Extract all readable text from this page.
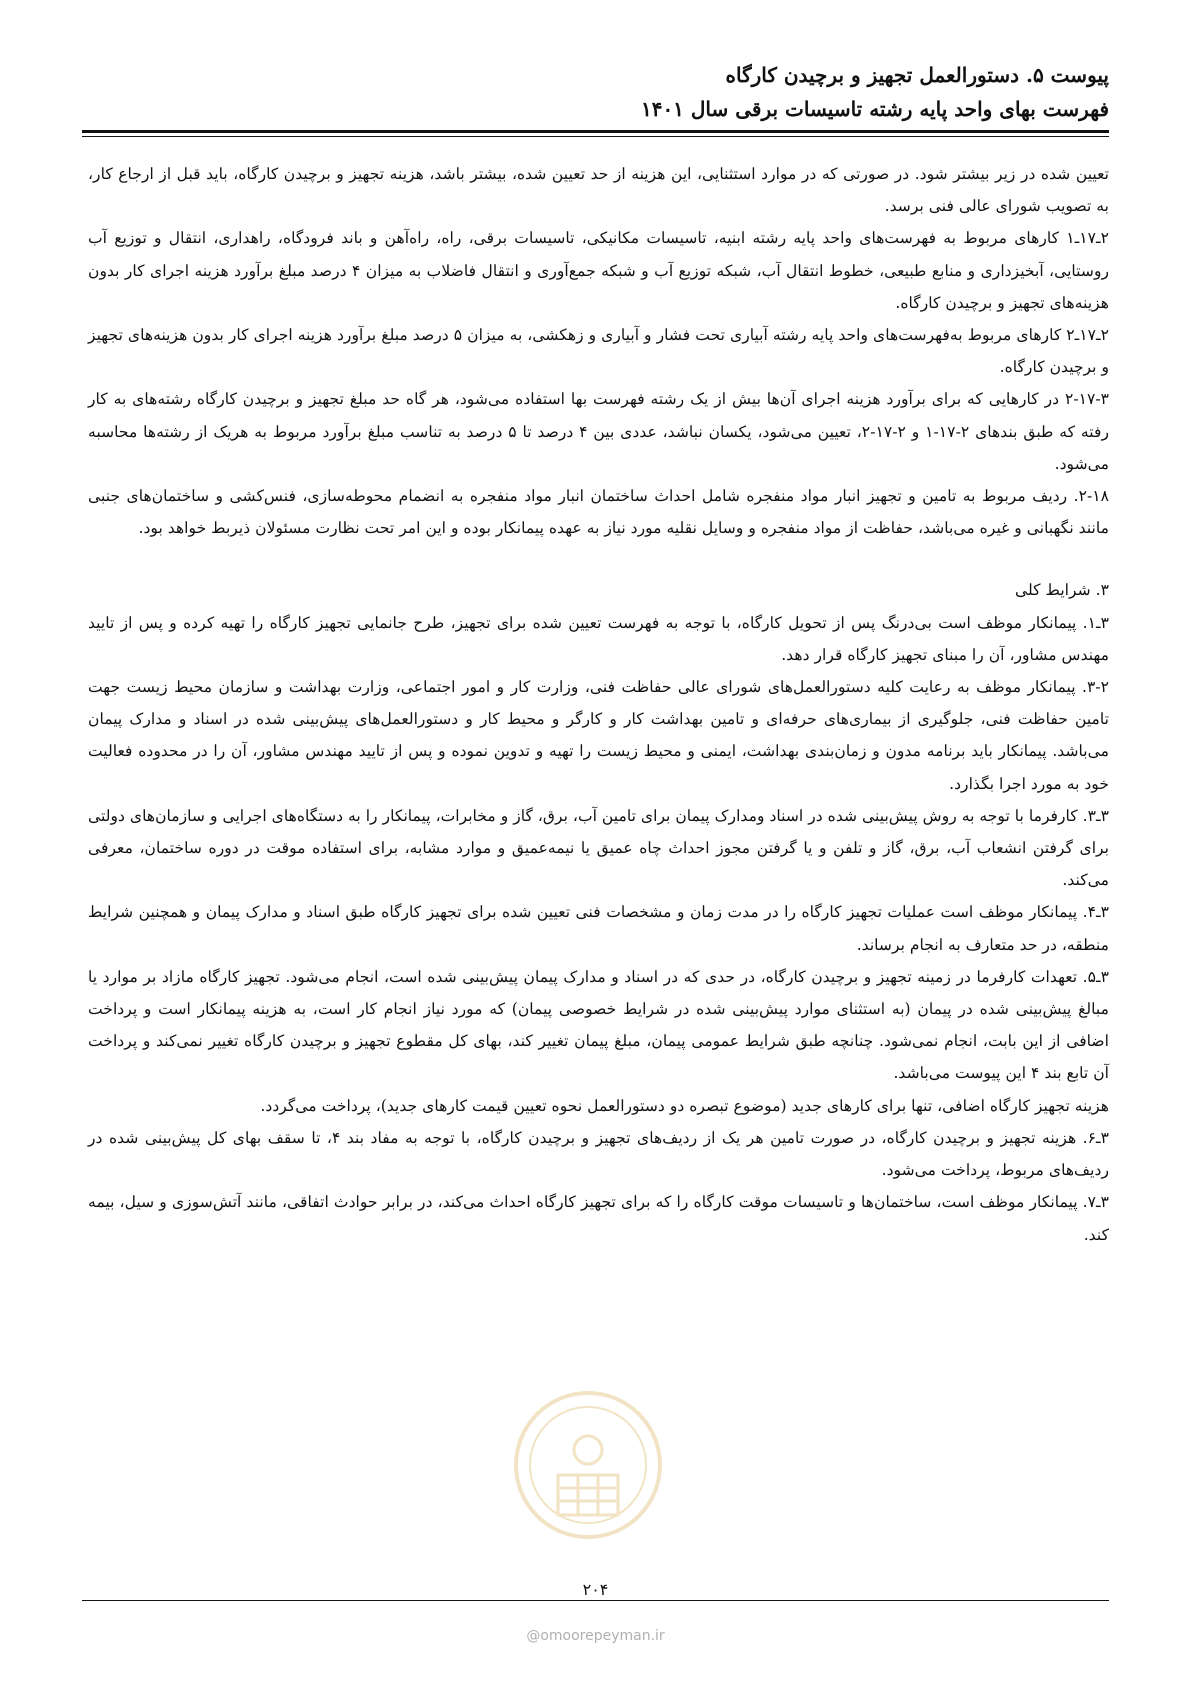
پیوست ۵. دستورالعمل تجهیز و برچیدن کارگاه
فهرست بهای واحد پایه رشته تاسیسات برقی سال ۱۴۰۱

تعیین شده در زیر بیشتر شود. در صورتی که در موارد استثنایی، این هزینه از حد تعیین شده، بیشتر باشد، هزینه تجهیز و برچیدن کارگاه، باید قبل از ارجاع کار، به تصویب شورای عالی فنی برسد.

۲ـ۱۷ـ۱ کارهای مربوط به فهرست‌های واحد پایه رشته ابنیه، تاسیسات مکانیکی، تاسیسات برقی، راه، راه‌آهن و باند فرودگاه، راهداری، انتقال و توزیع آب روستایی، آبخیزداری و منابع طبیعی، خطوط انتقال آب، شبکه توزیع آب و شبکه جمع‌آوری و انتقال فاضلاب به میزان ۴ درصد مبلغ برآورد هزینه اجرای کار بدون هزینه‌های تجهیز و برچیدن کارگاه.

۲ـ۱۷ـ۲ کارهای مربوط به‌فهرست‌های واحد پایه رشته آبیاری تحت فشار و آبیاری و زهکشی، به میزان ۵ درصد مبلغ برآورد هزینه اجرای کار بدون هزینه‌های تجهیز و برچیدن کارگاه.

۲-۱۷-۳ در کارهایی که برای برآورد هزینه اجرای آن‌ها بیش از یک رشته فهرست بها استفاده می‌شود، هر گاه حد مبلغ تجهیز و برچیدن کارگاه رشته‌های به کار رفته که طبق بندهای ۲-۱۷-۱ و ۲-۱۷-۲، تعیین می‌شود، یکسان نباشد، عددی بین ۴ درصد تا ۵ درصد به تناسب مبلغ برآورد مربوط به هریک از رشته‌ها محاسبه می‌شود.

۲-۱۸. ردیف مربوط به تامین و تجهیز انبار مواد منفجره شامل احداث ساختمان انبار مواد منفجره به انضمام محوطه‌سازی، فنس‌کشی و ساختمان‌های جنبی مانند نگهبانی و غیره می‌باشد، حفاظت از مواد منفجره و وسایل نقلیه مورد نیاز به عهده پیمانکار بوده و این امر تحت نظارت مسئولان ذیربط خواهد بود.

۳. شرایط کلی

۳ـ۱. پیمانکار موظف است بی‌درنگ پس از تحویل کارگاه، با توجه به فهرست تعیین شده برای تجهیز، طرح جانمایی تجهیز کارگاه را تهیه کرده و پس از تایید مهندس مشاور، آن را مبنای تجهیز کارگاه قرار دهد.

۳-۲. پیمانکار موظف به رعایت کلیه دستورالعمل‌های شورای عالی حفاظت فنی، وزارت کار و امور اجتماعی، وزارت بهداشت و سازمان محیط زیست جهت تامین حفاظت فنی، جلوگیری از بیماری‌های حرفه‌ای و تامین بهداشت کار و کارگر و محیط کار و دستورالعمل‌های پیش‌بینی شده در اسناد و مدارک پیمان می‌باشد. پیمانکار باید برنامه مدون و زمان‌بندی بهداشت، ایمنی و محیط زیست را تهیه و تدوین نموده و پس از تایید مهندس مشاور، آن را در محدوده فعالیت خود به مورد اجرا بگذارد.

۳ـ۳. کارفرما با توجه به روش پیش‌بینی شده در اسناد ومدارک پیمان برای تامین آب، برق، گاز و مخابرات، پیمانکار را به دستگاه‌های اجرایی و سازمان‌های دولتی برای گرفتن انشعاب آب، برق، گاز و تلفن و یا گرفتن مجوز احداث چاه عمیق یا نیمه‌عمیق و موارد مشابه، برای استفاده موقت در دوره ساختمان، معرفی می‌کند.

۳ـ۴. پیمانکار موظف است عملیات تجهیز کارگاه را در مدت زمان و مشخصات فنی تعیین شده برای تجهیز کارگاه طبق اسناد و مدارک پیمان و همچنین شرایط منطقه، در حد متعارف به انجام برساند.

۳ـ۵. تعهدات کارفرما در زمینه تجهیز و برچیدن کارگاه، در حدی که در اسناد و مدارک پیمان پیش‌بینی شده است، انجام می‌شود. تجهیز کارگاه مازاد بر موارد یا مبالغ پیش‌بینی شده در پیمان (به استثنای موارد پیش‌بینی شده در شرایط خصوصی پیمان) که مورد نیاز انجام کار است، به هزینه پیمانکار است و پرداخت اضافی از این بابت، انجام نمی‌شود. چنانچه طبق شرایط عمومی پیمان، مبلغ پیمان تغییر کند، بهای کل مقطوع تجهیز و برچیدن کارگاه تغییر نمی‌کند و پرداخت آن تابع بند ۴ این پیوست می‌باشد.

هزینه تجهیز کارگاه اضافی، تنها برای کارهای جدید (موضوع تبصره دو دستورالعمل نحوه تعیین قیمت کارهای جدید)، پرداخت می‌گردد.

۳ـ۶. هزینه تجهیز و برچیدن کارگاه، در صورت تامین هر یک از ردیف‌های تجهیز و برچیدن کارگاه، با توجه به مفاد بند ۴، تا سقف بهای کل پیش‌بینی شده در ردیف‌های مربوط، پرداخت می‌شود.

۳ـ۷. پیمانکار موظف است، ساختمان‌ها و تاسیسات موقت کارگاه را که برای تجهیز کارگاه احداث می‌کند، در برابر حوادث اتفاقی، مانند آتش‌سوزی و سیل، بیمه کند.

۲۰۴
@omoorepeyman.ir
